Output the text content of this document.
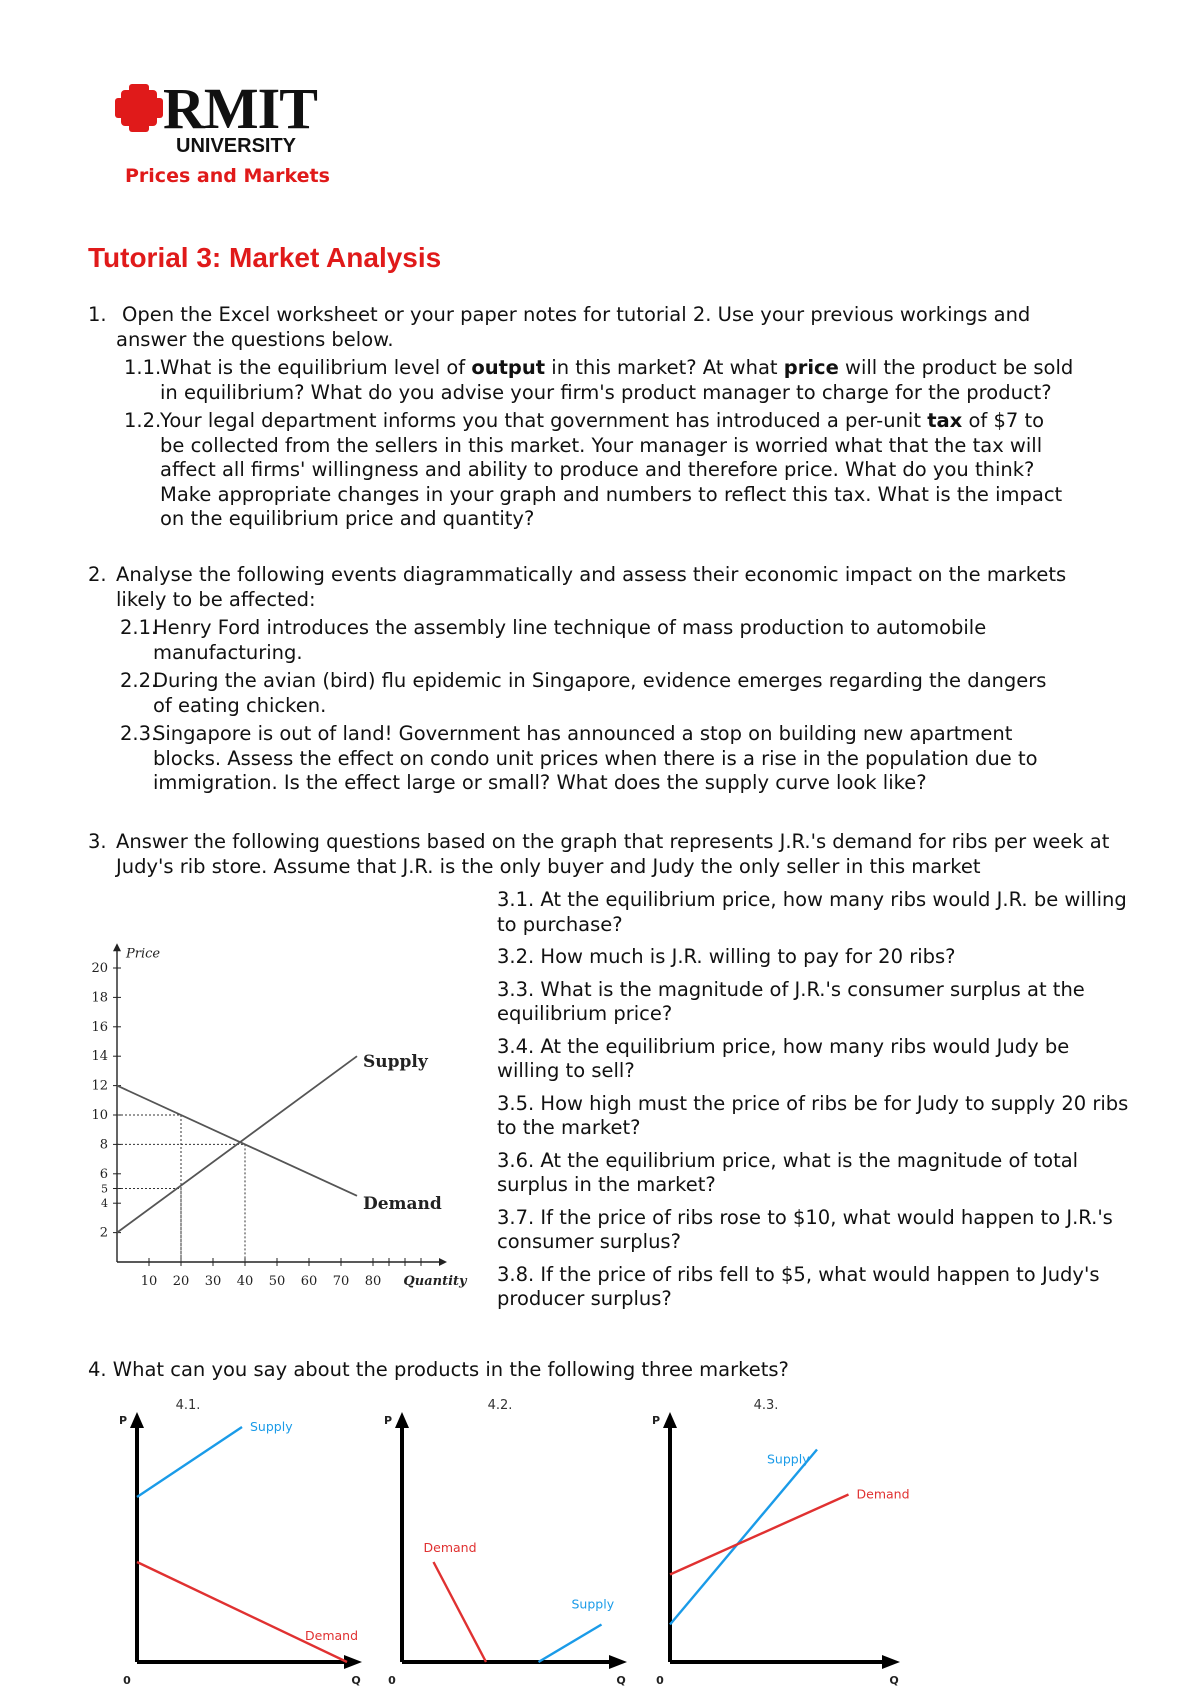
RMIT
UNIVERSITY
Prices and Markets
Tutorial 3: Market Analysis
1. Open the Excel worksheet or your paper notes for tutorial 2. Use your previous workings and answer the questions below.
1.1.
What is the equilibrium level of output in this market? At what price will the product be sold in equilibrium? What do you advise your firm's product manager to charge for the product?
1.2.
Your legal department informs you that government has introduced a per-unit tax of $7 to be collected from the sellers in this market. Your manager is worried what that the tax will affect all firms' willingness and ability to produce and therefore price. What do you think? Make appropriate changes in your graph and numbers to reflect this tax. What is the impact on the equilibrium price and quantity?
2. Analyse the following events diagrammatically and assess their economic impact on the markets likely to be affected:
2.1.
Henry Ford introduces the assembly line technique of mass production to automobile manufacturing.
2.2.
During the avian (bird) flu epidemic in Singapore, evidence emerges regarding the dangers of eating chicken.
2.3.
Singapore is out of land! Government has announced a stop on building new apartment blocks. Assess the effect on condo unit prices when there is a rise in the population due to immigration. Is the effect large or small? What does the supply curve look like?
3. Answer the following questions based on the graph that represents J.R.'s demand for ribs per week at Judy's rib store. Assume that J.R. is the only buyer and Judy the only seller in this market
3.1. At the equilibrium price, how many ribs would J.R. be willing to purchase?
3.2. How much is J.R. willing to pay for 20 ribs?
3.3. What is the magnitude of J.R.'s consumer surplus at the equilibrium price?
3.4. At the equilibrium price, how many ribs would Judy be willing to sell?
3.5. How high must the price of ribs be for Judy to supply 20 ribs to the market?
3.6. At the equilibrium price, what is the magnitude of total surplus in the market?
3.7. If the price of ribs rose to $10, what would happen to J.R.'s consumer surplus?
3.8. If the price of ribs fell to $5, what would happen to Judy's producer surplus?
2
4
5
6
8
10
12
14
16
18
20
10 20 30 40 50 60 70 80
Price
Quantity
Supply
Demand
4. What can you say about the products in the following three markets?
4.1.
P
Q
0
Supply
Demand
4.2.
P
Q
0
Demand
Supply
4.3.
P
Q
0
Supply
Demand
